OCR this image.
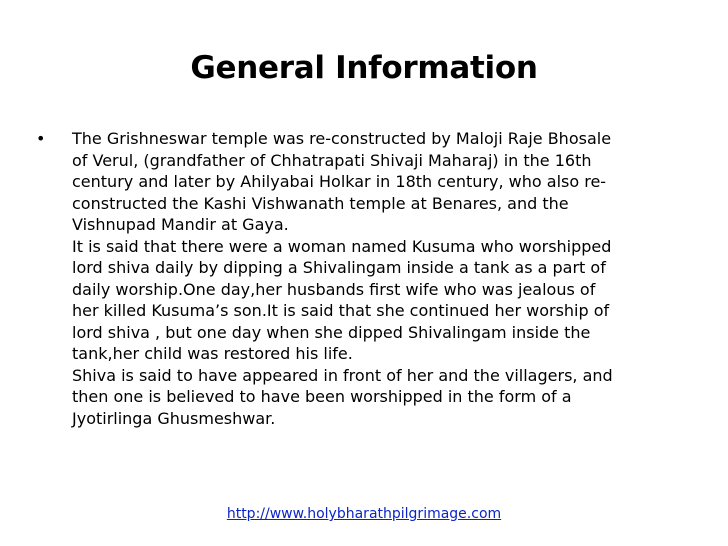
General Information
• The Grishneswar temple was re-constructed by Maloji Raje Bhosale
of Verul, (grandfather of Chhatrapati Shivaji Maharaj) in the 16th
century and later by Ahilyabai Holkar in 18th century, who also re-
constructed the Kashi Vishwanath temple at Benares, and the
Vishnupad Mandir at Gaya.
It is said that there were a woman named Kusuma who worshipped
lord shiva daily by dipping a Shivalingam inside a tank as a part of
daily worship.One day,her husbands first wife who was jealous of
her killed Kusuma’s son.It is said that she continued her worship of
lord shiva , but one day when she dipped Shivalingam inside the
tank,her child was restored his life.
Shiva is said to have appeared in front of her and the villagers, and
then one is believed to have been worshipped in the form of a
Jyotirlinga Ghusmeshwar.
http://www.holybharathpilgrimage.com
